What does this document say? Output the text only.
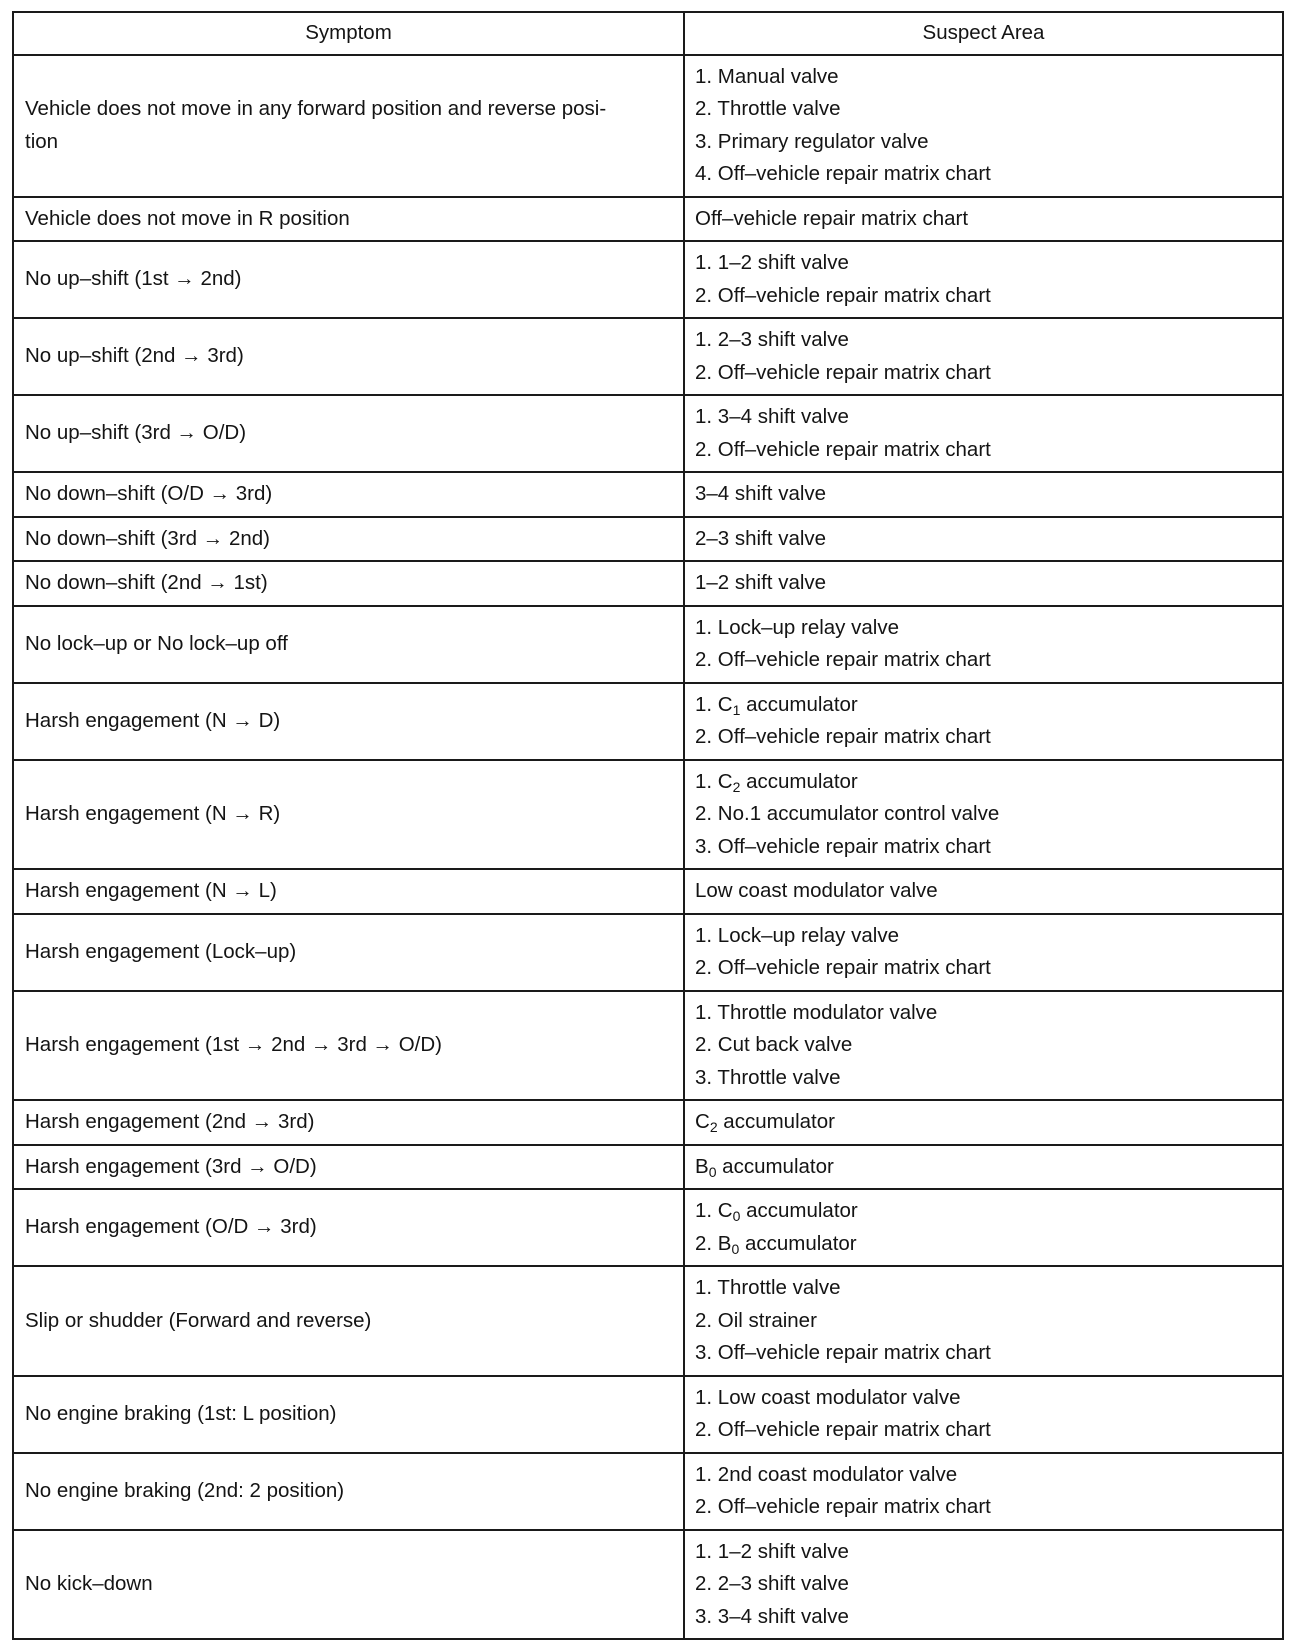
Symptom	Suspect Area

Vehicle does not move in any forward position and reverse posi-
tion	1. Manual valve
2. Throttle valve
3. Primary regulator valve
4. Off–vehicle repair matrix chart

Vehicle does not move in R position	Off–vehicle repair matrix chart

No up–shift (1st → 2nd)	1. 1–2 shift valve
2. Off–vehicle repair matrix chart

No up–shift (2nd → 3rd)	1. 2–3 shift valve
2. Off–vehicle repair matrix chart

No up–shift (3rd → O/D)	1. 3–4 shift valve
2. Off–vehicle repair matrix chart

No down–shift (O/D → 3rd)	3–4 shift valve

No down–shift (3rd → 2nd)	2–3 shift valve

No down–shift (2nd → 1st)	1–2 shift valve

No lock–up or No lock–up off	1. Lock–up relay valve
2. Off–vehicle repair matrix chart

Harsh engagement (N → D)	1. $C_1$ accumulator
2. Off–vehicle repair matrix chart

Harsh engagement (N → R)	1. $C_2$ accumulator
2. No.1 accumulator control valve
3. Off–vehicle repair matrix chart

Harsh engagement (N → L)	Low coast modulator valve

Harsh engagement (Lock–up)	1. Lock–up relay valve
2. Off–vehicle repair matrix chart

Harsh engagement (1st → 2nd → 3rd → O/D)	1. Throttle modulator valve
2. Cut back valve
3. Throttle valve

Harsh engagement (2nd → 3rd)	$C_2$ accumulator

Harsh engagement (3rd → O/D)	$B_0$ accumulator

Harsh engagement (O/D → 3rd)	1. $C_0$ accumulator
2. $B_0$ accumulator

Slip or shudder (Forward and reverse)	1. Throttle valve
2. Oil strainer
3. Off–vehicle repair matrix chart

No engine braking (1st: L position)	1. Low coast modulator valve
2. Off–vehicle repair matrix chart

No engine braking (2nd: 2 position)	1. 2nd coast modulator valve
2. Off–vehicle repair matrix chart

No kick–down	1. 1–2 shift valve
2. 2–3 shift valve
3. 3–4 shift valve
